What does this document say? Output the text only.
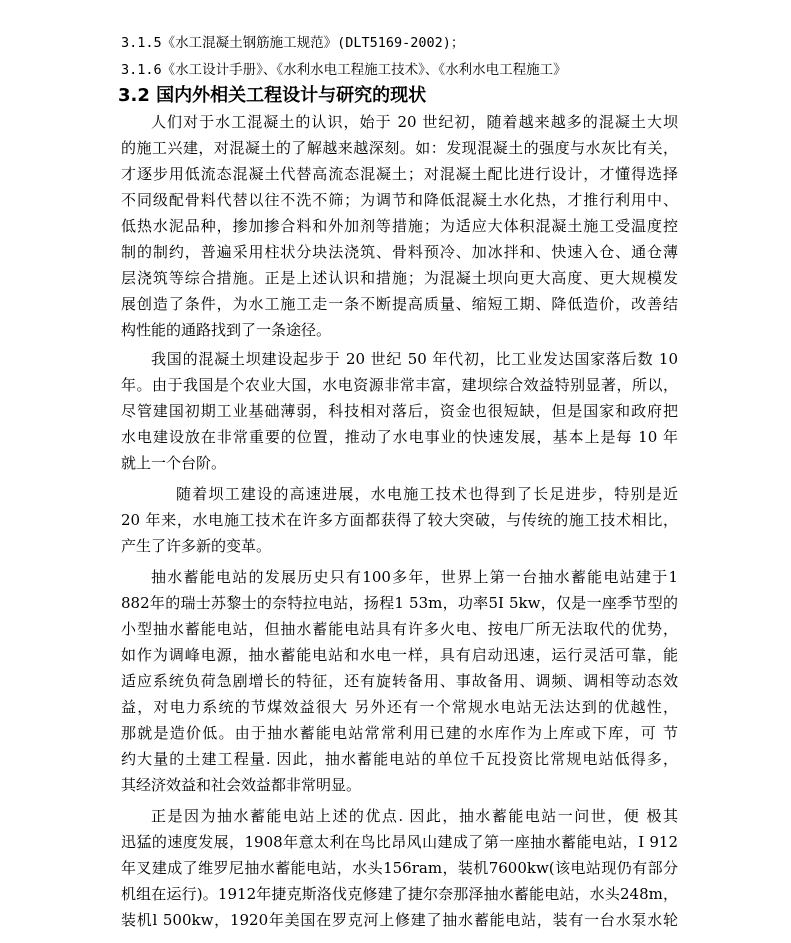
3.1.5《水工混凝土钢筋施工规范》(DLT5169-2002)；
3.1.6《水工设计手册》、《水利水电工程施工技术》、《水利水电工程施工》
3.2 国内外相关工程设计与研究的现状
人们对于水工混凝土的认识，始于 20 世纪初，随着越来越多的混凝土大坝
的施工兴建，对混凝土的了解越来越深刻。如：发现混凝土的强度与水灰比有关，
才逐步用低流态混凝土代替高流态混凝土；对混凝土配比进行设计，才懂得选择
不同级配骨料代替以往不洗不筛；为调节和降低混凝土水化热，才推行利用中、
低热水泥品种，掺加掺合料和外加剂等措施；为适应大体积混凝土施工受温度控
制的制约，普遍采用柱状分块法浇筑、骨料预冷、加冰拌和、快速入仓、通仓薄
层浇筑等综合措施。正是上述认识和措施；为混凝土坝向更大高度、更大规模发
展创造了条件，为水工施工走一条不断提高质量、缩短工期、降低造价，改善结
构性能的通路找到了一条途径。
我国的混凝土坝建设起步于 20 世纪 50 年代初，比工业发达国家落后数 10
年。由于我国是个农业大国，水电资源非常丰富，建坝综合效益特别显著，所以，
尽管建国初期工业基础薄弱，科技相对落后，资金也很短缺，但是国家和政府把
水电建设放在非常重要的位置，推动了水电事业的快速发展，基本上是每 10 年
就上一个台阶。
随着坝工建设的高速进展，水电施工技术也得到了长足进步，特别是近
20 年来，水电施工技术在许多方面都获得了较大突破，与传统的施工技术相比，
产生了许多新的变革。
抽水蓄能电站的发展历史只有100多年，世界上第一台抽水蓄能电站建于1
882年的瑞士苏黎士的奈特拉电站，扬程1 53m，功率5I 5kw，仅是一座季节型的
小型抽水蓄能电站，但抽水蓄能电站具有许多火电、按电厂所无法取代的优势，
如作为调峰电源，抽水蓄能电站和水电一样，具有启动迅速，运行灵活可靠，能
适应系统负荷急剧增长的特征，还有旋转备用、事故备用、调频、调相等动态效
益，对电力系统的节煤效益很大 另外还有一个常规水电站无法达到的优越性，
那就是造价低。由于抽水蓄能电站常常利用已建的水库作为上库或下库，可 节
约大量的土建工程量. 因此，抽水蓄能电站的单位千瓦投资比常规电站低得多，
其经济效益和社会效益都非常明显。
正是因为抽水蓄能电站上述的优点. 因此，抽水蓄能电站一问世，便 极其
迅猛的速度发展，1908年意太利在鸟比昂风山建成了第一座抽水蓄能电站，I 912
年叉建成了维罗尼抽水蓄能电站，水头156ram，装机7600kw(该电站现仍有部分
机组在运行)。1912年捷克斯洛伐克修建了捷尔奈那泽抽水蓄能电站，水头248m，
装机l 500kw，1920年美国在罗克河上修建了抽水蓄能电站，装有一台水泵水轮
